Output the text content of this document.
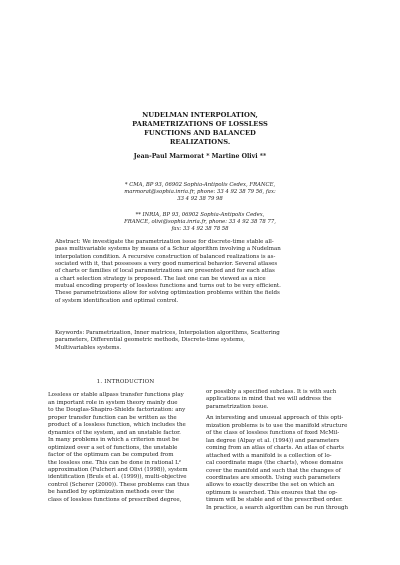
NUDELMAN INTERPOLATION,
PARAMETRIZATIONS OF LOSSLESS
FUNCTIONS AND BALANCED
REALIZATIONS.
Jean-Paul Marmorat * Martine Olivi **
* CMA, BP 93, 06902 Sophia-Antipolis Cedex, FRANCE,
marmorat@sophia.inria.fr, phone: 33 4 92 38 79 56, fax:
33 4 92 38 79 98
** INRIA, BP 93, 06902 Sophia-Antipolis Cedex,
FRANCE, olivi@sophia.inria.fr, phone: 33 4 92 38 78 77,
fax: 33 4 92 38 78 58
Abstract: We investigate the parametrization issue for discrete-time stable all-
pass multivariable systems by means of a Schur algorithm involving a Nudelman
interpolation condition. A recursive construction of balanced realizations is as-
sociated with it, that possesses a very good numerical behavior. Several atlases
of charts or families of local parametrizations are presented and for each atlas
a chart selection strategy is proposed. The last one can be viewed as a nice
mutual encoding property of lossless functions and turns out to be very efficient.
These parametrizations allow for solving optimization problems within the fields
of system identification and optimal control.
Keywords: Parametrization, Inner matrices, Interpolation algorithms, Scattering
parameters, Differential geometric methods, Discrete-time systems,
Multivariables systems.
1. INTRODUCTION
Lossless or stable allpass transfer functions play
an important role in system theory mainly due
to the Douglas-Shapiro-Shields factorization: any
proper transfer function can be written as the
product of a lossless function, which includes the
dynamics of the system, and an unstable factor.
In many problems in which a criterion must be
optimized over a set of functions, the unstable
factor of the optimum can be computed from
the lossless one. This can be done in rational L²
approximation (Fulcheri and Olivi (1998)), system
identification (Bruls et al. (1999)), multi-objective
control (Scherer (2000)). These problems can thus
be handled by optimization methods over the
class of lossless functions of prescribed degree,
or possibly a specified subclass. It is with such
applications in mind that we will address the
parametrization issue.
An interesting and unusual approach of this opti-
mization problems is to use the manifold structure
of the class of lossless functions of fixed McMil-
lan degree (Alpay et al. (1994)) and parameters
coming from an atlas of charts. An atlas of charts
attached with a manifold is a collection of lo-
cal coordinate maps (the charts), whose domains
cover the manifold and such that the changes of
coordinates are smooth. Using such parameters
allows to exactly describe the set on which an
optimum is searched. This ensures that the op-
timum will be stable and of the prescribed order.
In practice, a search algorithm can be run through
